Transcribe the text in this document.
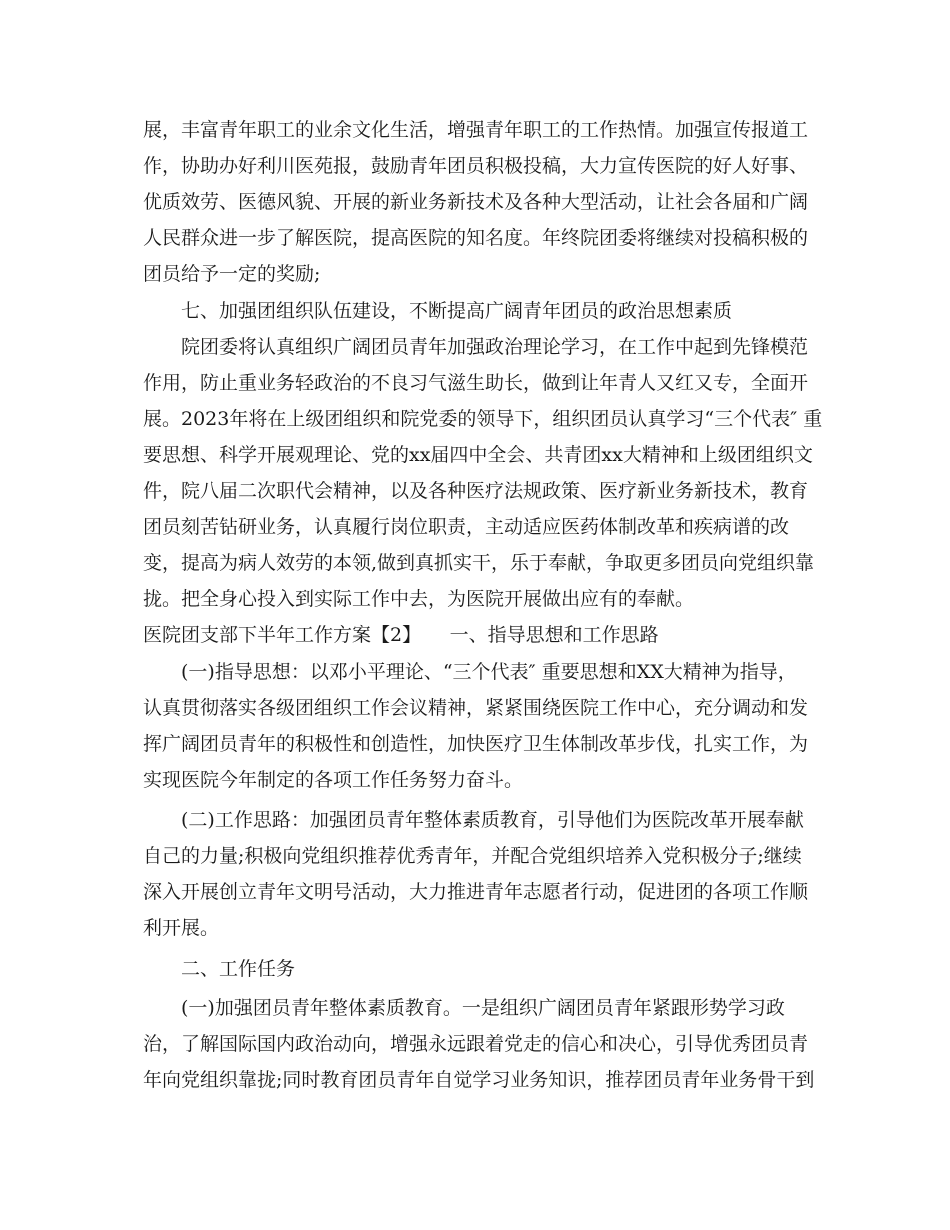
展，丰富青年职工的业余文化生活，增强青年职工的工作热情。加强宣传报道工
作，协助办好利川医苑报，鼓励青年团员积极投稿，大力宣传医院的好人好事、
优质效劳、医德风貌、开展的新业务新技术及各种大型活动，让社会各届和广阔
人民群众进一步了解医院，提高医院的知名度。年终院团委将继续对投稿积极的
团员给予一定的奖励;
七、加强团组织队伍建设，不断提高广阔青年团员的政治思想素质
院团委将认真组织广阔团员青年加强政治理论学习，在工作中起到先锋模范
作用，防止重业务轻政治的不良习气滋生助长，做到让年青人又红又专，全面开
展。2023年将在上级团组织和院党委的领导下，组织团员认真学习“三个代表″ 重
要思想、科学开展观理论、党的xx届四中全会、共青团xx大精神和上级团组织文
件，院八届二次职代会精神，以及各种医疗法规政策、医疗新业务新技术，教育
团员刻苦钻研业务，认真履行岗位职责，主动适应医药体制改革和疾病谱的改
变，提高为病人效劳的本领,做到真抓实干，乐于奉献，争取更多团员向党组织靠
拢。把全身心投入到实际工作中去，为医院开展做出应有的奉献。
医院团支部下半年工作方案【2】　　一、指导思想和工作思路
(一)指导思想：以邓小平理论、“三个代表″ 重要思想和XX大精神为指导，
认真贯彻落实各级团组织工作会议精神，紧紧围绕医院工作中心，充分调动和发
挥广阔团员青年的积极性和创造性，加快医疗卫生体制改革步伐，扎实工作，为
实现医院今年制定的各项工作任务努力奋斗。
(二)工作思路：加强团员青年整体素质教育，引导他们为医院改革开展奉献
自己的力量;积极向党组织推荐优秀青年，并配合党组织培养入党积极分子;继续
深入开展创立青年文明号活动，大力推进青年志愿者行动，促进团的各项工作顺
利开展。
二、工作任务
(一)加强团员青年整体素质教育。一是组织广阔团员青年紧跟形势学习政
治，了解国际国内政治动向，增强永远跟着党走的信心和决心，引导优秀团员青
年向党组织靠拢;同时教育团员青年自觉学习业务知识，推荐团员青年业务骨干到
